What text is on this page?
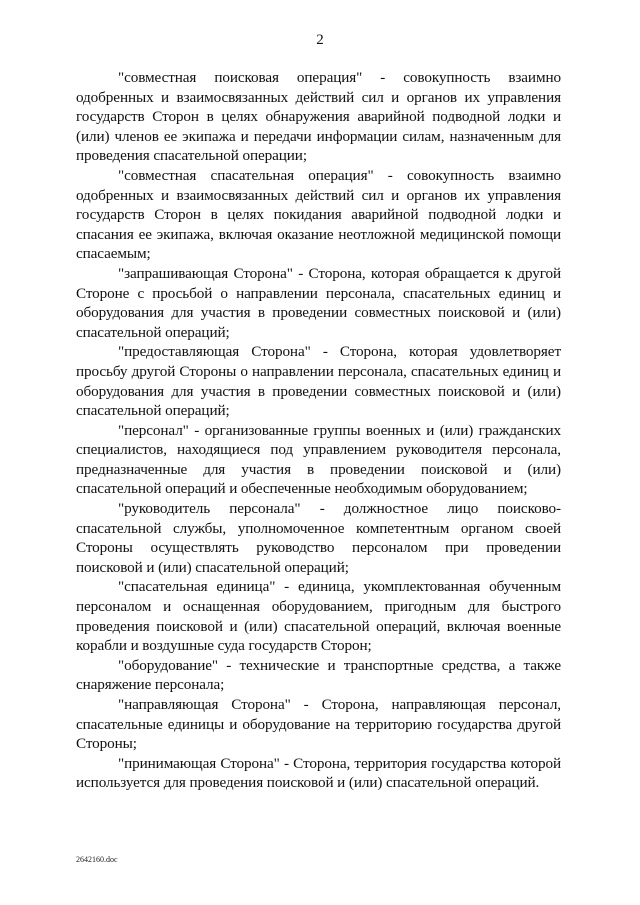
2

"совместная поисковая операция" - совокупность взаимно одобренных и взаимосвязанных действий сил и органов их управления государств Сторон в целях обнаружения аварийной подводной лодки и (или) членов ее экипажа и передачи информации силам, назначенным для проведения спасательной операции;

"совместная спасательная операция" - совокупность взаимно одобренных и взаимосвязанных действий сил и органов их управления государств Сторон в целях покидания аварийной подводной лодки и спасания ее экипажа, включая оказание неотложной медицинской помощи спасаемым;

"запрашивающая Сторона" - Сторона, которая обращается к другой Стороне с просьбой о направлении персонала, спасательных единиц и оборудования для участия в проведении совместных поисковой и (или) спасательной операций;

"предоставляющая Сторона" - Сторона, которая удовлетворяет просьбу другой Стороны о направлении персонала, спасательных единиц и оборудования для участия в проведении совместных поисковой и (или) спасательной операций;

"персонал" - организованные группы военных и (или) гражданских специалистов, находящиеся под управлением руководителя персонала, предназначенные для участия в проведении поисковой и (или) спасательной операций и обеспеченные необходимым оборудованием;

"руководитель персонала" - должностное лицо поисково-спасательной службы, уполномоченное компетентным органом своей Стороны осуществлять руководство персоналом при проведении поисковой и (или) спасательной операций;

"спасательная единица" - единица, укомплектованная обученным персоналом и оснащенная оборудованием, пригодным для быстрого проведения поисковой и (или) спасательной операций, включая военные корабли и воздушные суда государств Сторон;

"оборудование" - технические и транспортные средства, а также снаряжение персонала;

"направляющая Сторона" - Сторона, направляющая персонал, спасательные единицы и оборудование на территорию государства другой Стороны;

"принимающая Сторона" - Сторона, территория государства которой используется для проведения поисковой и (или) спасательной операций.

2642160.doc
